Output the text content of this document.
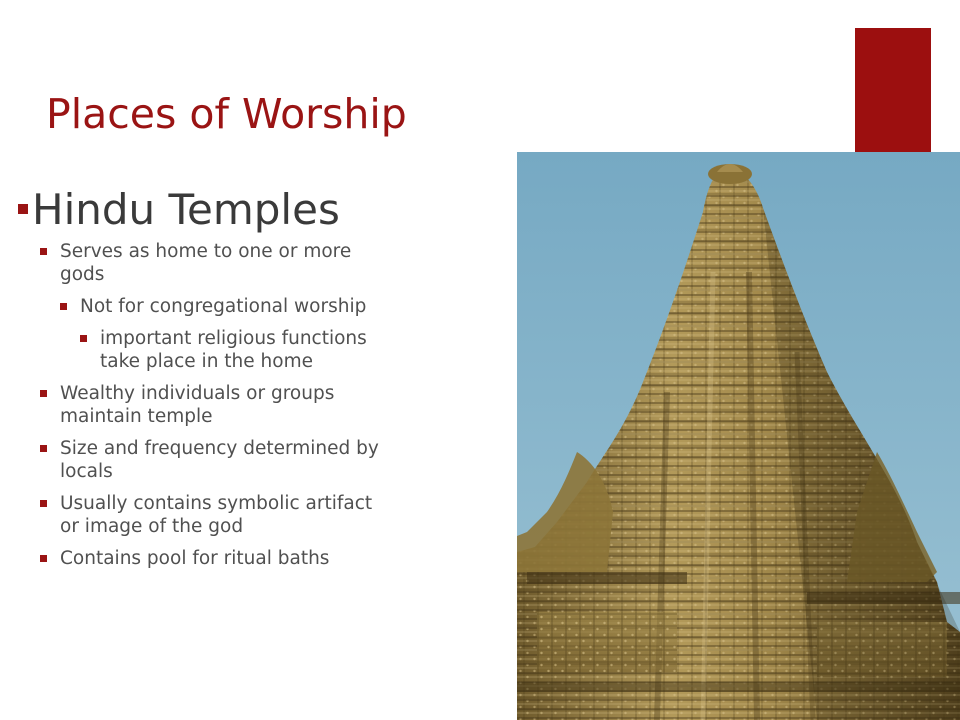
Places of Worship
Hindu Temples
Serves as home to one or more gods
Not for congregational worship
important religious functions take place in the home
Wealthy individuals or groups maintain temple
Size and frequency determined by locals
Usually contains symbolic artifact or image of the god
Contains pool for ritual baths
